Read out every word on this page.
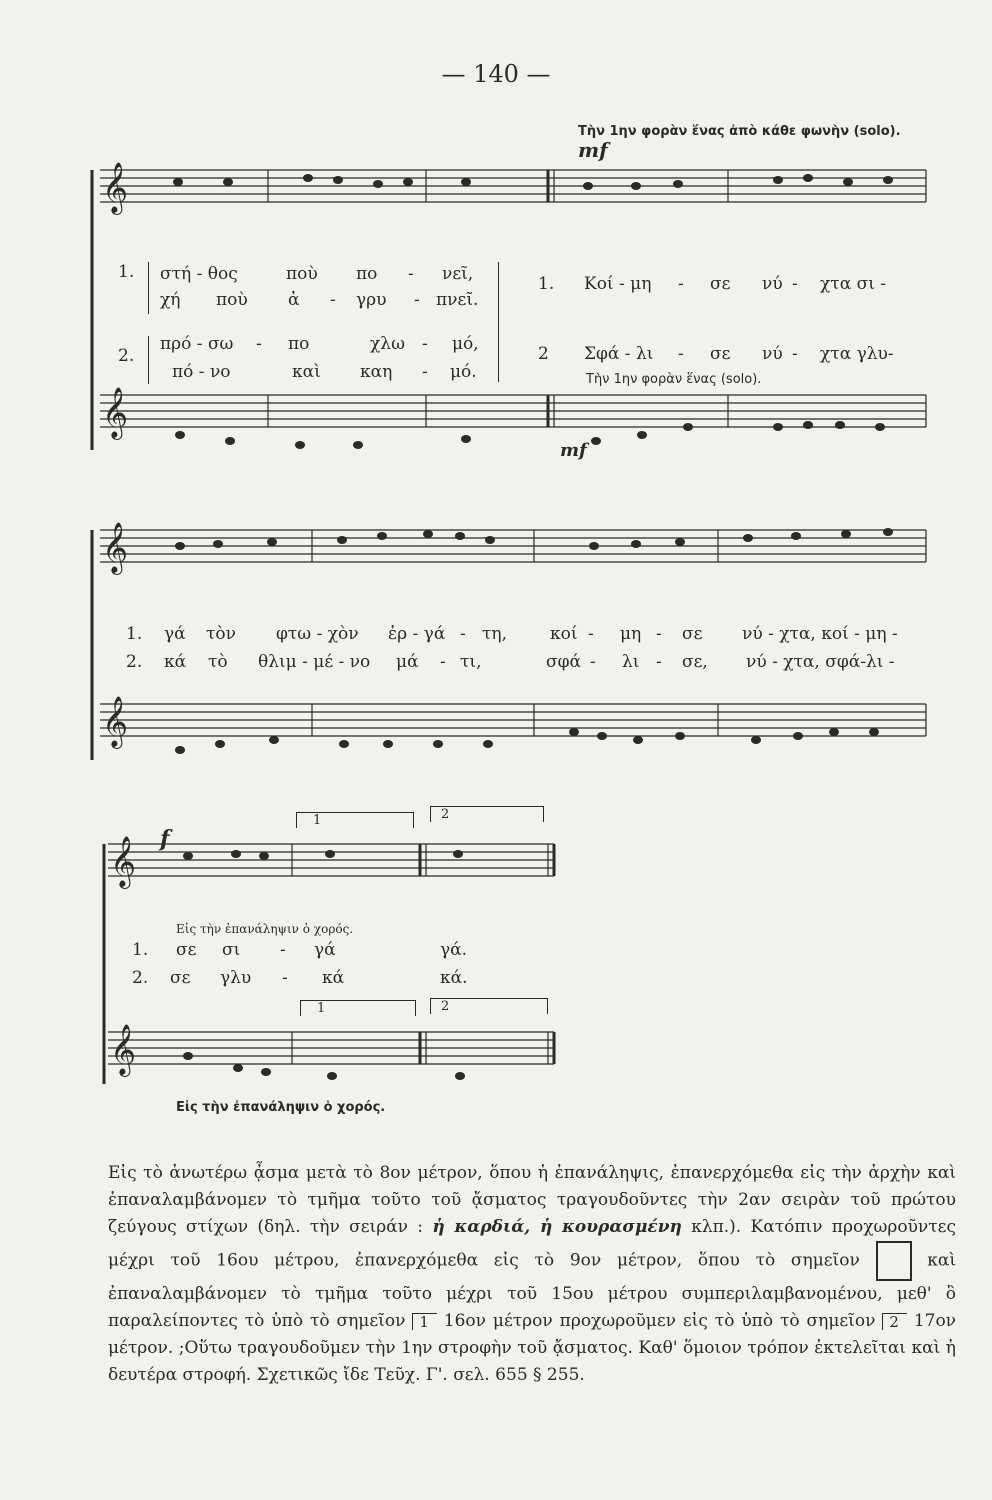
— 140 —
Τὴν 1ην φορὰν ἕνας ἀπὸ κάθε φωνὴν (solo).
mf
𝄞
1. στή - θος	ποὺ πο - νεῖ,
χή ποὺ ἀ - γρυ - πνεῖ.
2.
πρό - σω - πο	χλω - μό,
πό - νο	καὶ καη - μό.
1. Κοί - μη - σε νύ - χτα σι -
2 Σφά - λι - σε νύ - χτα γλυ-
Τὴν 1ην φορὰν ἕνας (solo).
𝄞
mf
𝄞
1. γά τὸν φτω - χὸν ἐρ - γά - τη,	κοί - μη - σε νύ - χτα, κοί - μη -
2. κά τὸ θλιμ - μέ - νο μά - τι,	σφά - λι - σε, νύ - χτα, σφά-λι -
𝄞
f
1	2
𝄞
Εἰς τὴν ἐπανάληψιν ὁ χορός.
1. σε σι - γά	γά.
2. σε γλυ - κά	κά.
1	2
𝄞
Εἰς τὴν ἐπανάληψιν ὁ χορός.

Εἰς τὸ ἀνωτέρω ᾆσμα μετὰ τὸ 8ον μέτρον, ὅπου ἡ ἐπανάληψις, ἐπανερχόμεθα εἰς τὴν ἀρχὴν καὶ ἐπαναλαμβάνομεν τὸ τμῆμα τοῦτο τοῦ ᾄσματος τραγουδοῦντες τὴν 2αν σειρὰν τοῦ πρώτου ζεύγους στίχων (δηλ. τὴν σειράν : ἡ καρδιά, ἡ κουρασμένη κλπ.). Κατόπιν προχωροῦντες μέχρι τοῦ 16ου μέτρου, ἐπανερχόμεθα εἰς τὸ 9ον μέτρον, ὅπου τὸ σημεῖον	καὶ ἐπαναλαμβάνομεν τὸ τμῆμα τοῦτο μέχρι τοῦ 15ου μέτρου συμπεριλαμβανομένου, μεθ' ὃ παραλείποντες τὸ ὑπὸ τὸ σημεῖον 1 16ον μέτρον προχωροῦμεν εἰς τὸ ὑπὸ τὸ σημεῖον 2 17ον μέτρον. ;Οὕτω τραγουδοῦμεν τὴν 1ην στροφὴν τοῦ ᾄσματος. Καθ' ὅμοιον τρόπον ἐκτελεῖται καὶ ἡ δευτέρα στροφή. Σχετικῶς ἴδε Τεῦχ. Γ'. σελ. 655 § 255.
